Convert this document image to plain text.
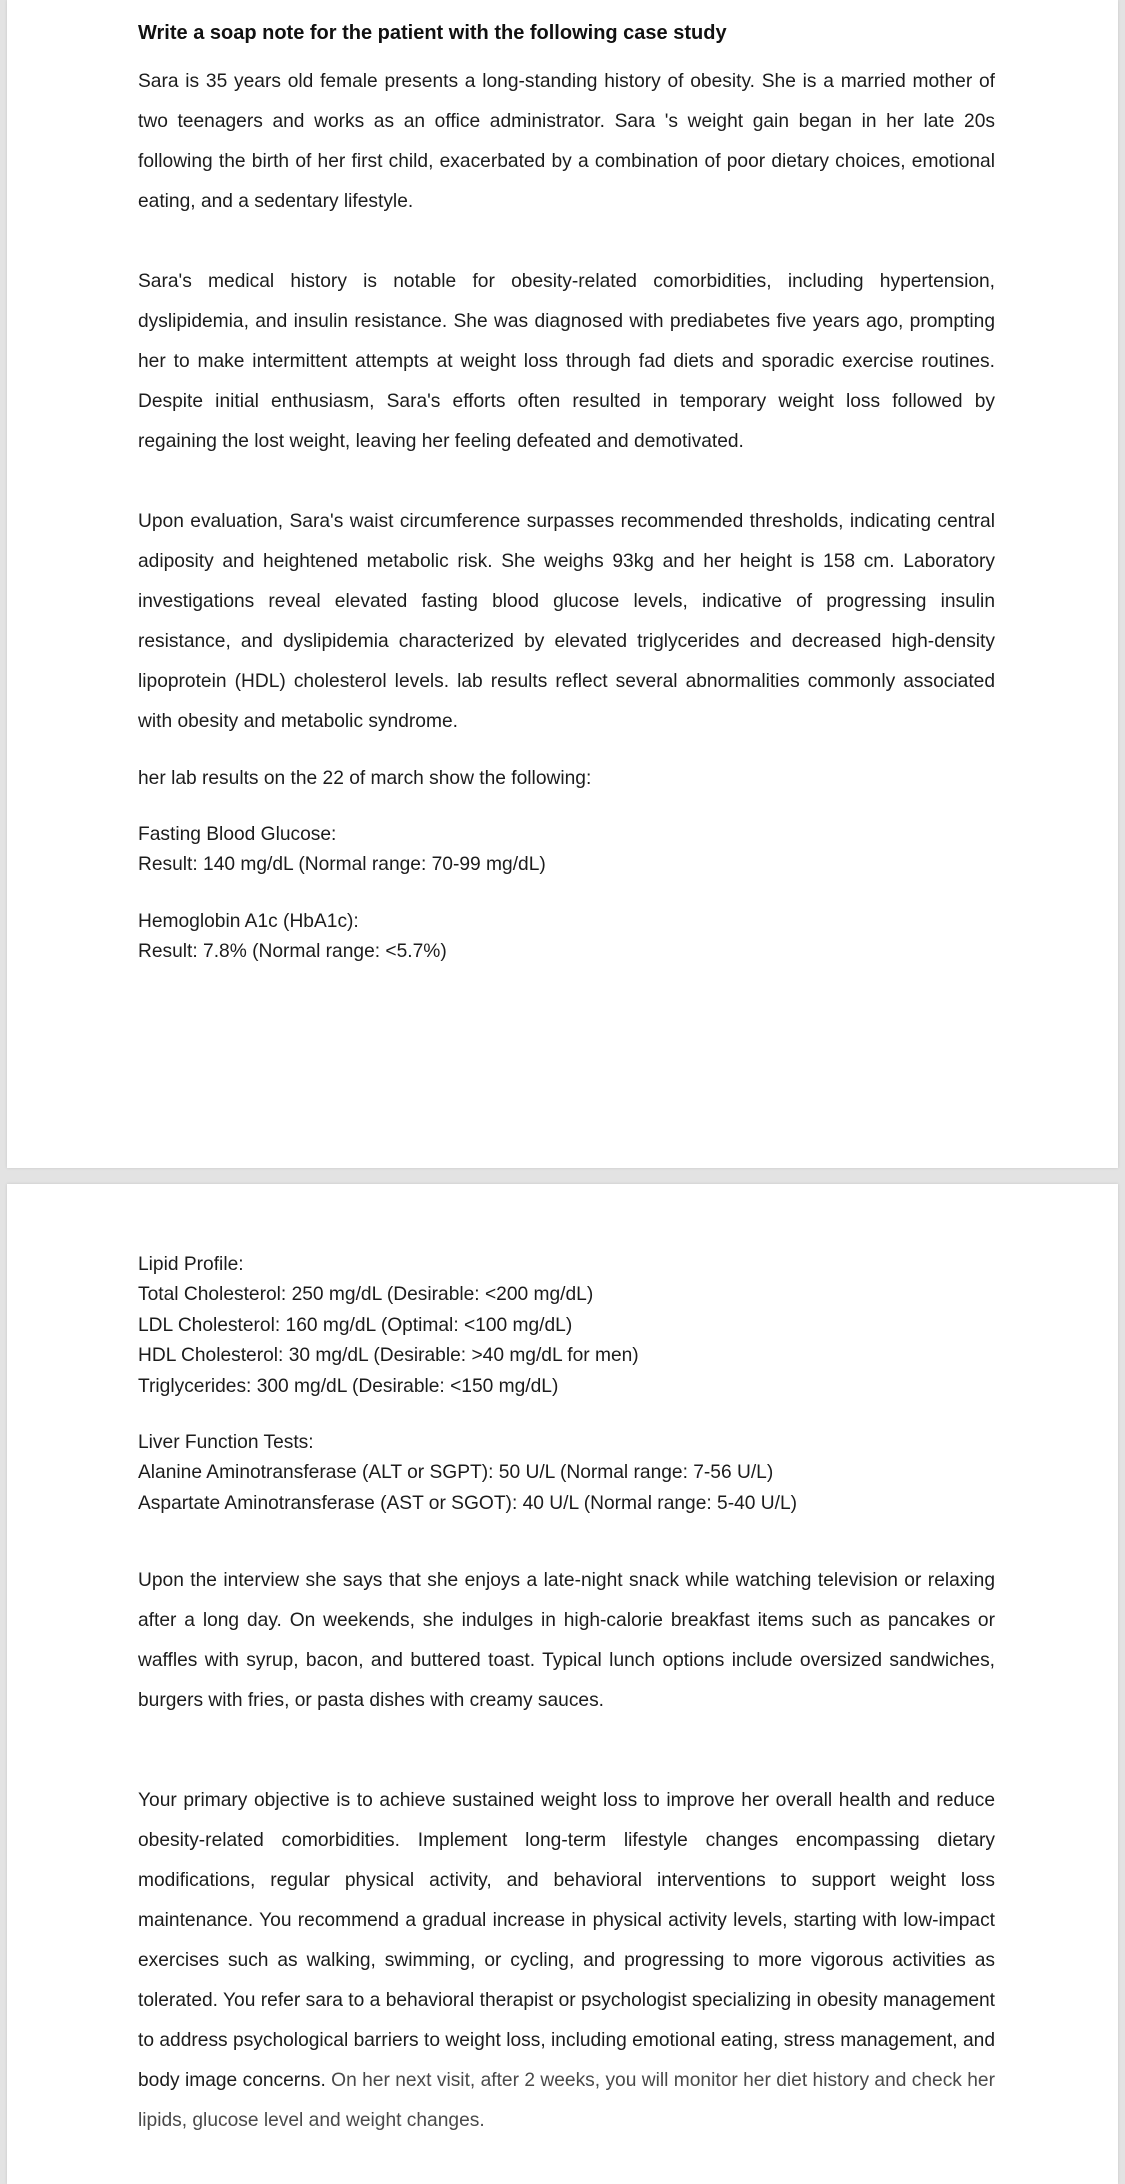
Write a soap note for the patient with the following case study

Sara is 35 years old female presents a long-standing history of obesity. She is a married mother of two teenagers and works as an office administrator. Sara 's weight gain began in her late 20s following the birth of her first child, exacerbated by a combination of poor dietary choices, emotional eating, and a sedentary lifestyle.

Sara's medical history is notable for obesity-related comorbidities, including hypertension, dyslipidemia, and insulin resistance. She was diagnosed with prediabetes five years ago, prompting her to make intermittent attempts at weight loss through fad diets and sporadic exercise routines. Despite initial enthusiasm, Sara's efforts often resulted in temporary weight loss followed by regaining the lost weight, leaving her feeling defeated and demotivated.

Upon evaluation, Sara's waist circumference surpasses recommended thresholds, indicating central adiposity and heightened metabolic risk. She weighs 93kg and her height is 158 cm. Laboratory investigations reveal elevated fasting blood glucose levels, indicative of progressing insulin resistance, and dyslipidemia characterized by elevated triglycerides and decreased high-density lipoprotein (HDL) cholesterol levels. lab results reflect several abnormalities commonly associated with obesity and metabolic syndrome.

her lab results on the 22 of march show the following:

Fasting Blood Glucose:
Result: 140 mg/dL (Normal range: 70-99 mg/dL)
Hemoglobin A1c (HbA1c):
Result: 7.8% (Normal range: <5.7%)
Lipid Profile:
Total Cholesterol: 250 mg/dL (Desirable: <200 mg/dL)
LDL Cholesterol: 160 mg/dL (Optimal: <100 mg/dL)
HDL Cholesterol: 30 mg/dL (Desirable: >40 mg/dL for men)
Triglycerides: 300 mg/dL (Desirable: <150 mg/dL)
Liver Function Tests:
Alanine Aminotransferase (ALT or SGPT): 50 U/L (Normal range: 7-56 U/L)
Aspartate Aminotransferase (AST or SGOT): 40 U/L (Normal range: 5-40 U/L)

Upon the interview she says that she enjoys a late-night snack while watching television or relaxing after a long day. On weekends, she indulges in high-calorie breakfast items such as pancakes or waffles with syrup, bacon, and buttered toast. Typical lunch options include oversized sandwiches, burgers with fries, or pasta dishes with creamy sauces.

Your primary objective is to achieve sustained weight loss to improve her overall health and reduce obesity-related comorbidities. Implement long-term lifestyle changes encompassing dietary modifications, regular physical activity, and behavioral interventions to support weight loss maintenance. You recommend a gradual increase in physical activity levels, starting with low-impact exercises such as walking, swimming, or cycling, and progressing to more vigorous activities as tolerated. You refer sara to a behavioral therapist or psychologist specializing in obesity management to address psychological barriers to weight loss, including emotional eating, stress management, and body image concerns. On her next visit, after 2 weeks, you will monitor her diet history and check her lipids, glucose level and weight changes.
